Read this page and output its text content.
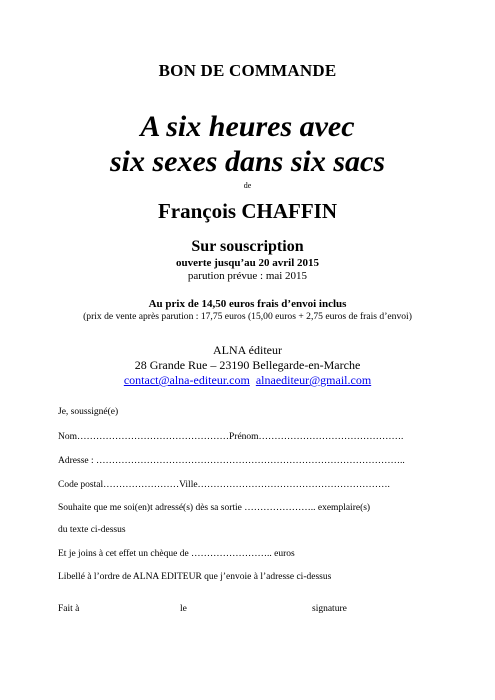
BON DE COMMANDE
A six heures avec
six sexes dans six sacs
de
François CHAFFIN
Sur souscription
ouverte jusqu’au 20 avril 2015
parution prévue : mai 2015
Au prix de 14,50 euros frais d’envoi inclus
(prix de vente après parution : 17,75 euros (15,00 euros + 2,75 euros de frais d’envoi)
ALNA éditeur
28 Grande Rue – 23190 Bellegarde-en-Marche
contact@alna-editeur.com alnaediteur@gmail.com
Je, soussigné(e)
Nom…………………………………………Prénom……………………………………….
Adresse : ……………………………………………………………………………………..
Code postal……………………Ville…………………………………………………….
Souhaite que me soi(en)t adressé(s) dès sa sortie ………………….. exemplaire(s)
du texte ci-dessus
Et je joins à cet effet un chèque de …………………….. euros
Libellé à l’ordre de ALNA EDITEUR que j’envoie à l’adresse ci-dessus
Fait à	le	signature
